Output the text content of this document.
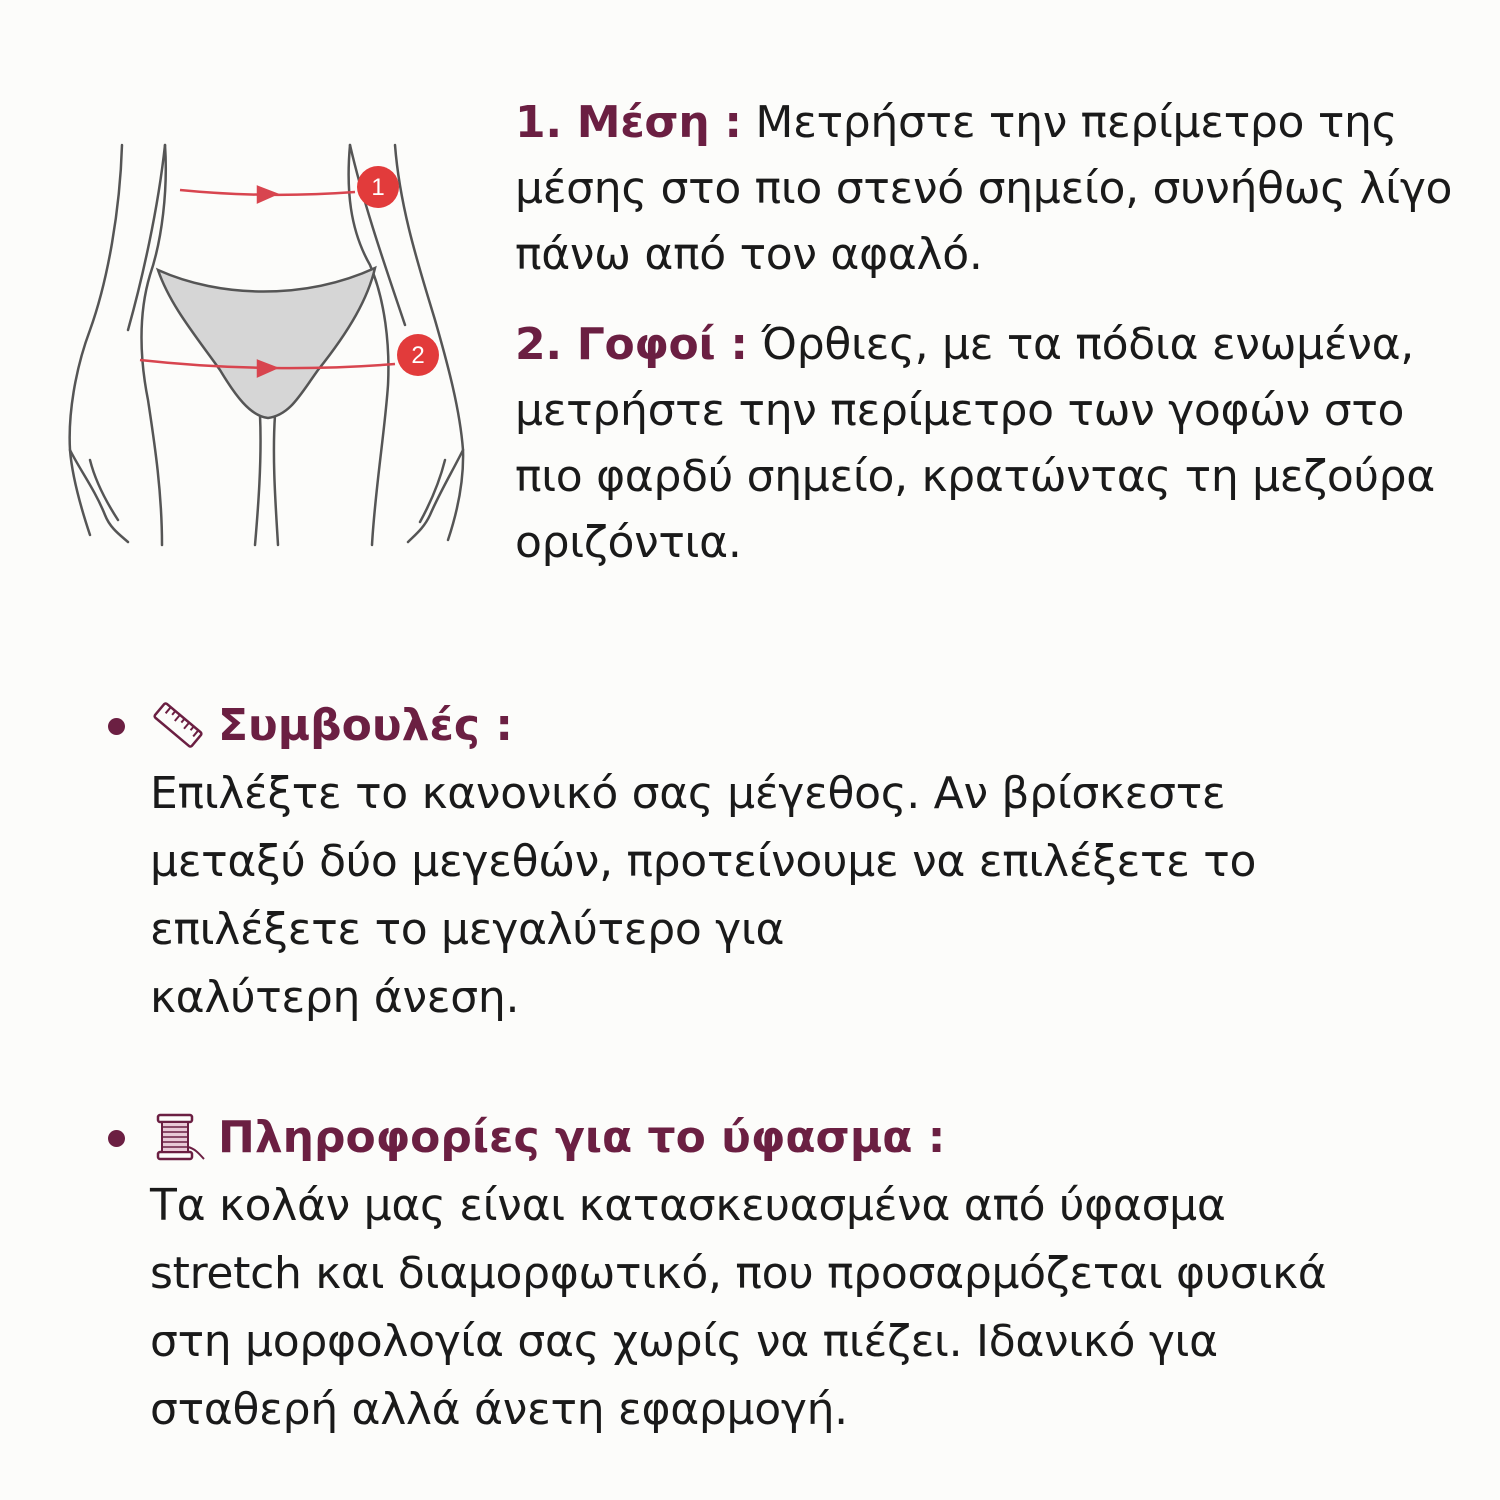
1
2
1. Μέση : Μετρήστε την περίμετρο της μέσης στο πιο στενό σημείο, συνήθως λίγο πάνω από τον αφαλό.
2. Γοφοί : Όρθιες, με τα πόδια ενωμένα, μετρήστε την περίμετρο των γοφών στο πιο φαρδύ σημείο, κρατώντας τη μεζούρα οριζόντια.
Συμβουλές :
Επιλέξτε το κανονικό σας μέγεθος. Αν βρίσκεστε
μεταξύ δύο μεγεθών, προτείνουμε να επιλέξετε το
επιλέξετε το μεγαλύτερο για
καλύτερη άνεση.
Πληροφορίες για το ύφασμα :
Τα κολάν μας είναι κατασκευασμένα από ύφασμα
stretch και διαμορφωτικό, που προσαρμόζεται φυσικά
στη μορφολογία σας χωρίς να πιέζει. Ιδανικό για
σταθερή αλλά άνετη εφαρμογή.
